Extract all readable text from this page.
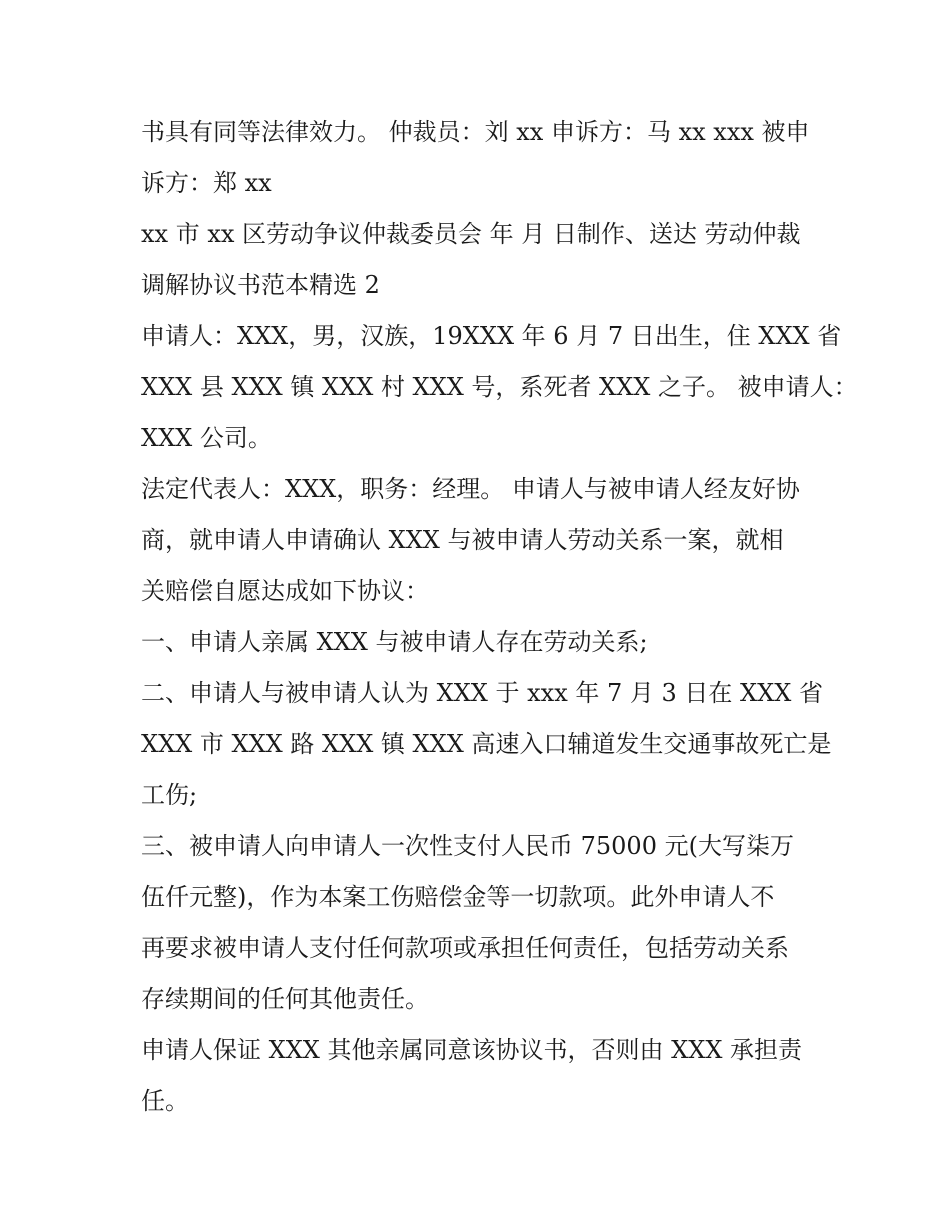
书具有同等法律效力。 仲裁员：刘 xx 申诉方：马 xx xxx 被申
诉方：郑 xx
xx 市 xx 区劳动争议仲裁委员会 年 月 日制作、送达 劳动仲裁
调解协议书范本精选 2
申请人：XXX，男，汉族，19XXX 年 6 月 7 日出生，住 XXX 省
XXX 县 XXX 镇 XXX 村 XXX 号，系死者 XXX 之子。 被申请人：
XXX 公司。
法定代表人：XXX，职务：经理。 申请人与被申请人经友好协
商，就申请人申请确认 XXX 与被申请人劳动关系一案，就相
关赔偿自愿达成如下协议：
一、申请人亲属 XXX 与被申请人存在劳动关系;
二、申请人与被申请人认为 XXX 于 xxx 年 7 月 3 日在 XXX 省
XXX 市 XXX 路 XXX 镇 XXX 高速入口辅道发生交通事故死亡是
工伤;
三、被申请人向申请人一次性支付人民币 75000 元(大写柒万
伍仟元整)，作为本案工伤赔偿金等一切款项。此外申请人不
再要求被申请人支付任何款项或承担任何责任，包括劳动关系
存续期间的任何其他责任。
申请人保证 XXX 其他亲属同意该协议书，否则由 XXX 承担责
任。
